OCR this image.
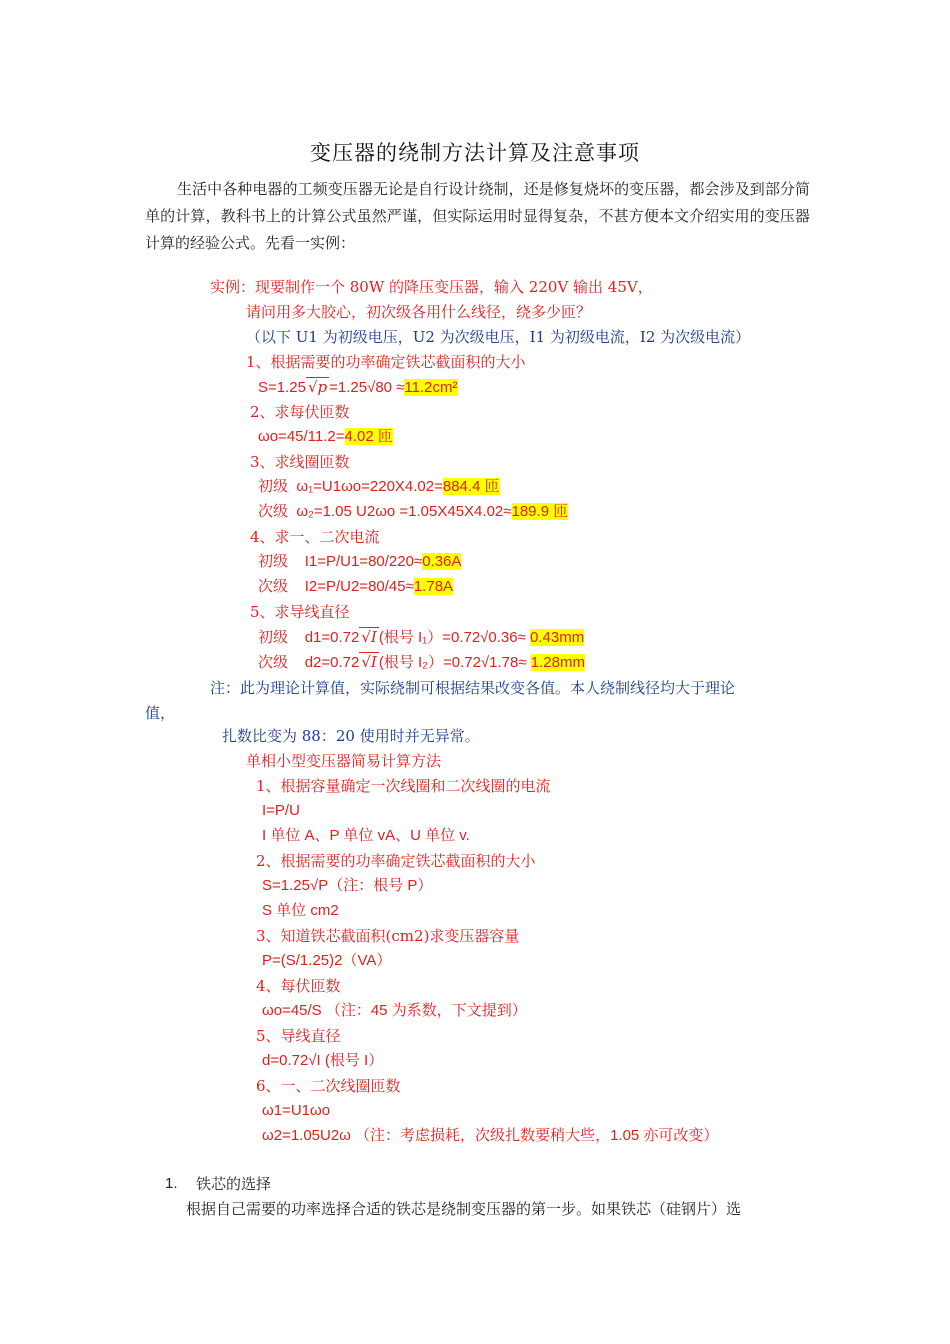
变压器的绕制方法计算及注意事项
生活中各种电器的工频变压器无论是自行设计绕制，还是修复烧坏的变压器，都会涉及到部分简单的计算，教科书上的计算公式虽然严谨，但实际运用时显得复杂，不甚方便本文介绍实用的变压器计算的经验公式。先看一实例：
实例：现要制作一个 80W 的降压变压器，输入 220V 输出 45V，
请问用多大胶心，初次级各用什么线径，绕多少匝？
（以下 U1 为初级电压，U2 为次级电压，I1 为初级电流，I2 为次级电流）
1、根据需要的功率确定铁芯截面积的大小
S=1.25 √p =1.25√80 ≈11.2cm²
2、求每伏匝数
ωo=45/11.2=4.02 匝
3、求线圈匝数
初级 ω₁=U1ωo=220X4.02=884.4 匝
次级 ω₂=1.05 U2ωo =1.05X45X4.02≈189.9 匝
4、求一、二次电流
初级 I1=P/U1=80/220≈0.36A
次级 I2=P/U2=80/45≈1.78A
5、求导线直径
初级 d1=0.72 √I (根号 I₁）=0.72√0.36≈ 0.43mm
次级 d2=0.72 √I (根号 I₂）=0.72√1.78≈ 1.28mm
注：此为理论计算值，实际绕制可根据结果改变各值。本人绕制线径均大于理论
值，
扎数比变为 88：20 使用时并无异常。
单相小型变压器简易计算方法
1、根据容量确定一次线圈和二次线圈的电流
I=P/U
I 单位 A、P 单位 vA、U 单位 v.
2、根据需要的功率确定铁芯截面积的大小
S=1.25√P（注：根号 P）
S 单位 cm2
3、知道铁芯截面积(cm2)求变压器容量
P=(S/1.25)2（VA）
4、每伏匝数
ωo=45/S （注：45 为系数，下文提到）
5、导线直径
d=0.72√I (根号 I）
6、一、二次线圈匝数
ω1=U1ωo
ω2=1.05U2ω （注：考虑损耗，次级扎数要稍大些，1.05 亦可改变）
1. 铁芯的选择
根据自己需要的功率选择合适的铁芯是绕制变压器的第一步。如果铁芯（硅钢片）选
